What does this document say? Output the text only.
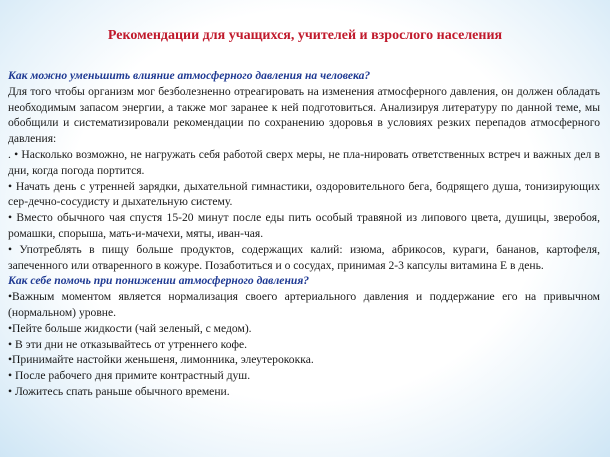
Рекомендации для учащихся, учителей и взрослого населения

Как можно уменьшить влияние атмосферного давления на человека?

Для того чтобы организм мог безболезненно отреагировать на изменения атмосферного давления, он должен обладать необходимым запасом энергии, а также мог заранее к ней подготовиться. Анализируя литературу по данной теме, мы обобщили и систематизировали рекомендации по сохранению здоровья в условиях резких перепадов атмосферного давления:

. • Насколько возможно, не нагружать себя работой сверх меры, не пла-нировать ответственных встреч и важных дел в дни, когда погода портится.

• Начать день с утренней зарядки, дыхательной гимнастики, оздоровительного бега, бодрящего душа, тонизирующих сер-дечно-сосудисту и дыхательную систему.

• Вместо обычного чая спустя 15-20 минут после еды пить особый травяной из липового цвета, душицы, зверобоя, ромашки, спорыша, мать-и-мачехи, мяты, иван-чая.

• Употреблять в пищу больше продуктов, содержащих калий: изюма, абрикосов, кураги, бананов, картофеля, запеченного или отваренного в кожуре. Позаботиться и о сосудах, принимая 2-3 капсулы витамина Е в день.

Как себе помочь при понижении атмосферного давления?

•Важным моментом является нормализация своего артериального давления и поддержание его на привычном (нормальном) уровне.

•Пейте больше жидкости (чай зеленый, с медом).

• В эти дни не отказывайтесь от утреннего кофе.

•Принимайте настойки женьшеня, лимонника, элеутерококка.

• После рабочего дня примите контрастный душ.

• Ложитесь спать раньше обычного времени.
